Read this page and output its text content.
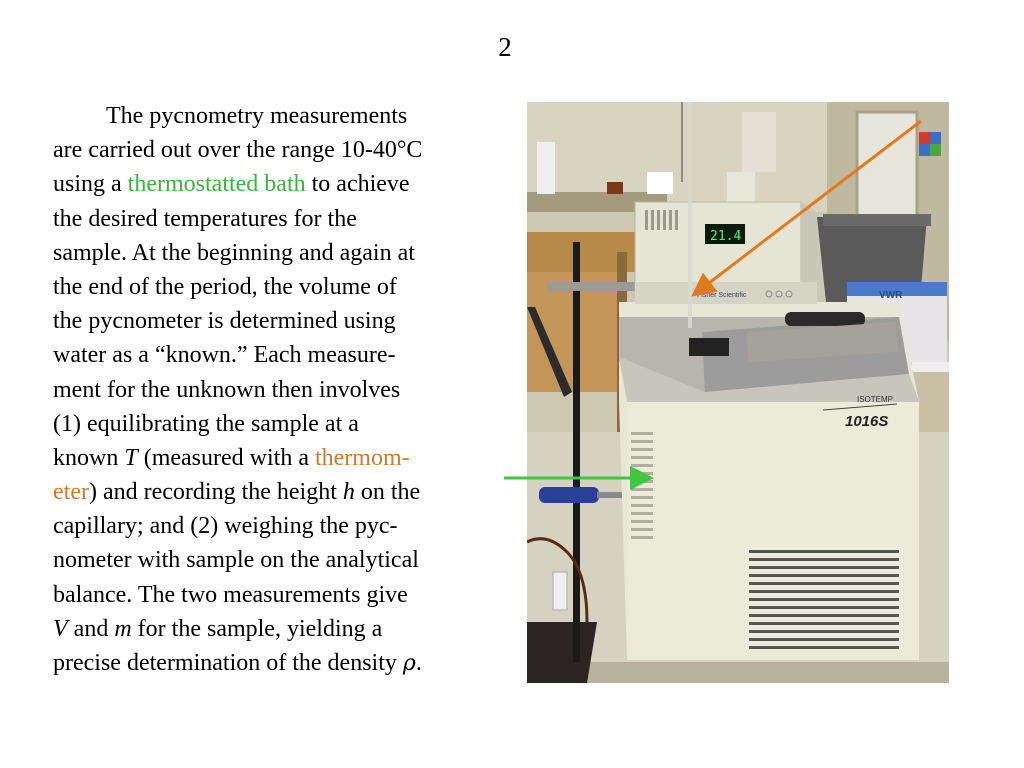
2
The pycnometry measurements
are carried out over the range 10-40°C
using a thermostatted bath to achieve
the desired temperatures for the
sample. At the beginning and again at
the end of the period, the volume of
the pycnometer is determined using
water as a “known.” Each measure-
ment for the unknown then involves
(1) equilibrating the sample at a
known T (measured with a thermom-
eter) and recording the height h on the
capillary; and (2) weighing the pyc-
nometer with sample on the analytical
balance. The two measurements give
V and m for the sample, yielding a
precise determination of the density ρ.
VWR
ISOTEMP
1016S
21.4
Fisher Scientific
